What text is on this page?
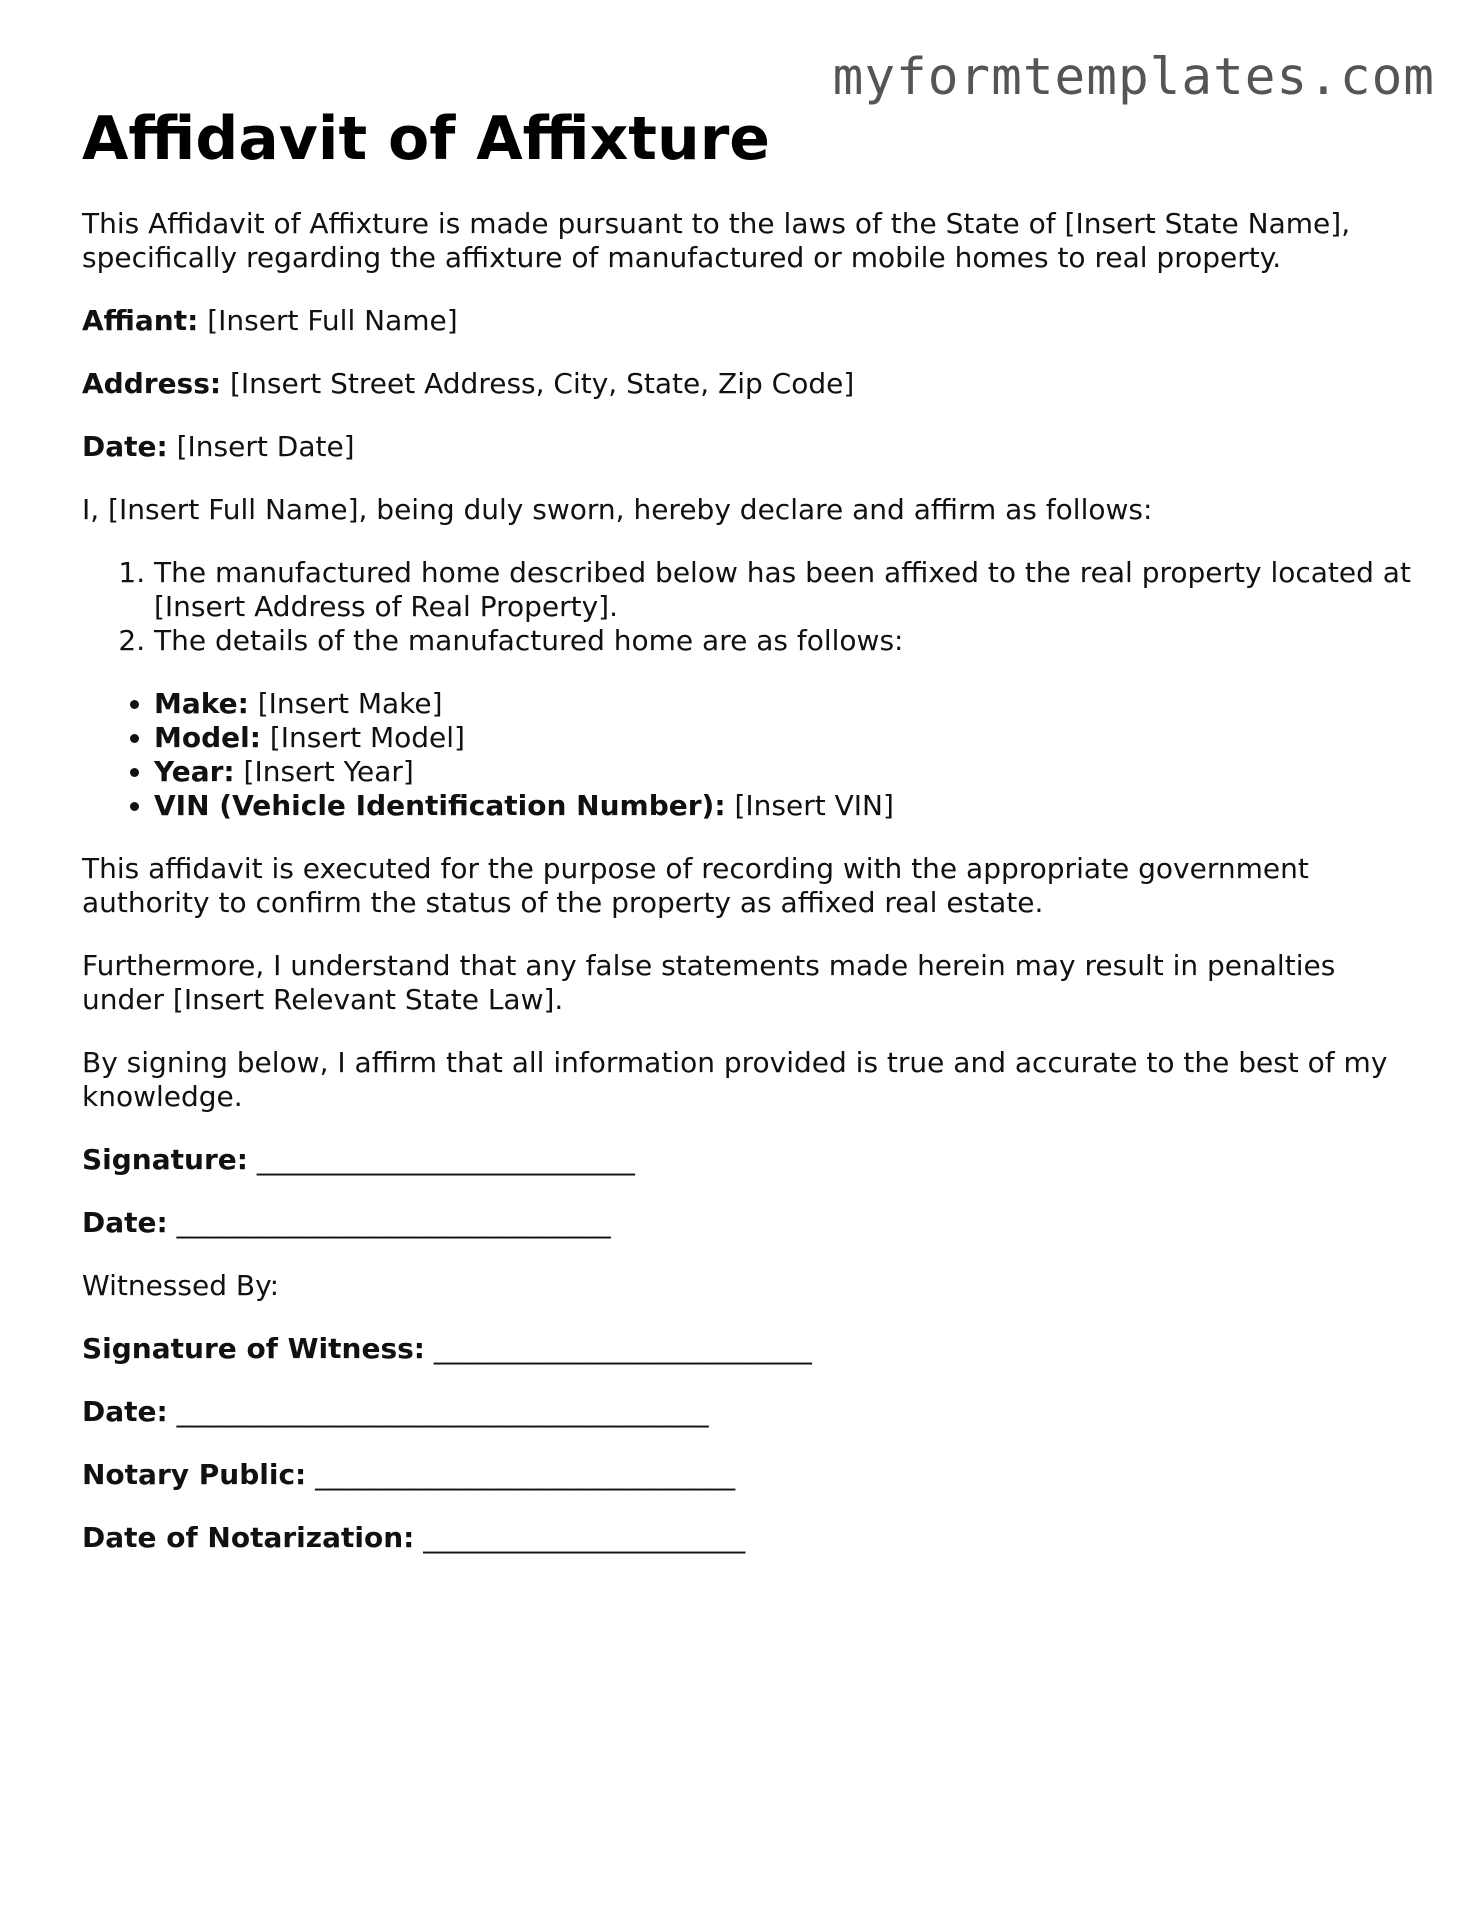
myformtemplates.com
Affidavit of Affixture

This Affidavit of Affixture is made pursuant to the laws of the State of [Insert State Name], specifically regarding the affixture of manufactured or mobile homes to real property.

Affiant: [Insert Full Name]

Address: [Insert Street Address, City, State, Zip Code]

Date: [Insert Date]

I, [Insert Full Name], being duly sworn, hereby declare and affirm as follows:

1. The manufactured home described below has been affixed to the real property located at [Insert Address of Real Property].
2. The details of the manufactured home are as follows:
• Make: [Insert Make]
• Model: [Insert Model]
• Year: [Insert Year]
• VIN (Vehicle Identification Number): [Insert VIN]

This affidavit is executed for the purpose of recording with the appropriate government authority to confirm the status of the property as affixed real estate.

Furthermore, I understand that any false statements made herein may result in penalties under [Insert Relevant State Law].

By signing below, I affirm that all information provided is true and accurate to the best of my knowledge.

Signature: ___________________________

Date: _______________________________

Witnessed By:

Signature of Witness: ___________________________

Date: ______________________________________

Notary Public: ______________________________

Date of Notarization: _______________________
